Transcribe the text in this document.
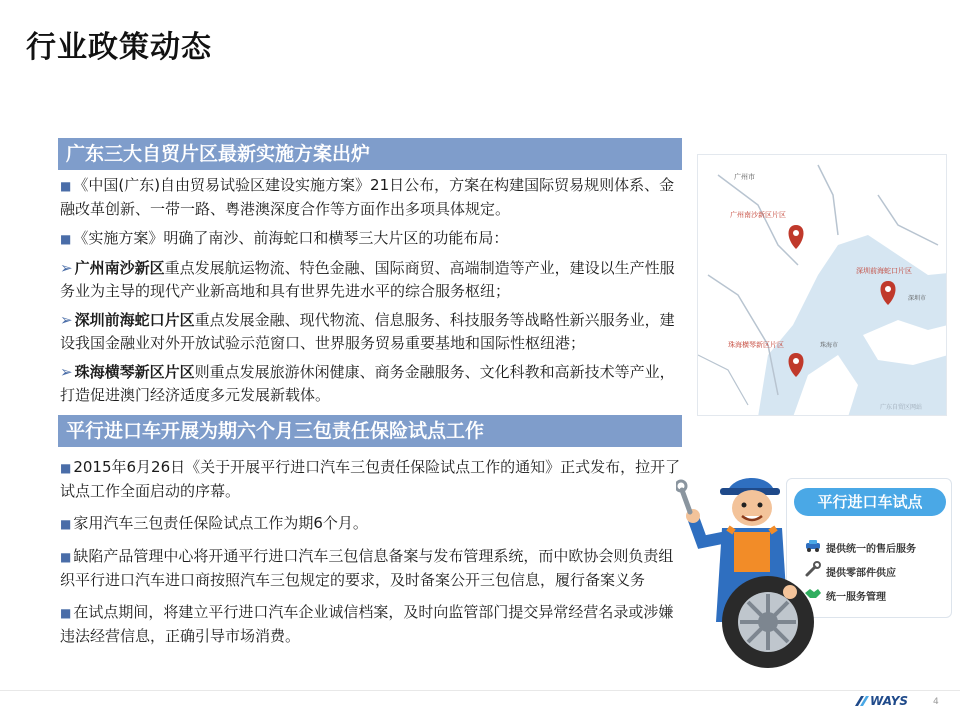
行业政策动态
广东三大自贸片区最新实施方案出炉
■ 《中国(广东)自由贸易试验区建设实施方案》21日公布，方案在构建国际贸易规则体系、金融改革创新、一带一路、粤港澳深度合作等方面作出多项具体规定。
■ 《实施方案》明确了南沙、前海蛇口和横琴三大片区的功能布局：
➢ 广州南沙新区重点发展航运物流、特色金融、国际商贸、高端制造等产业，建设以生产性服务业为主导的现代产业新高地和具有世界先进水平的综合服务枢纽；
➢ 深圳前海蛇口片区重点发展金融、现代物流、信息服务、科技服务等战略性新兴服务业，建设我国金融业对外开放试验示范窗口、世界服务贸易重要基地和国际性枢纽港；
➢ 珠海横琴新区片区则重点发展旅游休闲健康、商务金融服务、文化科教和高新技术等产业，打造促进澳门经济适度多元发展新载体。
平行进口车开展为期六个月三包责任保险试点工作
■ 2015年6月26日《关于开展平行进口汽车三包责任保险试点工作的通知》正式发布，拉开了试点工作全面启动的序幕。
■ 家用汽车三包责任保险试点工作为期6个月。
■ 缺陷产品管理中心将开通平行进口汽车三包信息备案与发布管理系统，而中欧协会则负责组织平行进口汽车进口商按照汽车三包规定的要求，及时备案公开三包信息，履行备案义务
■ 在试点期间，将建立平行进口汽车企业诚信档案，及时向监管部门提交异常经营名录或涉嫌违法经营信息，正确引导市场消费。
广州市
广州南沙新区片区
深圳前海蛇口片区
深圳市
珠海横琴新区片区	珠海市
广东自贸区网站
平行进口车试点
提供统一的售后服务
提供零部件供应
统一服务管理
WAYS	4
